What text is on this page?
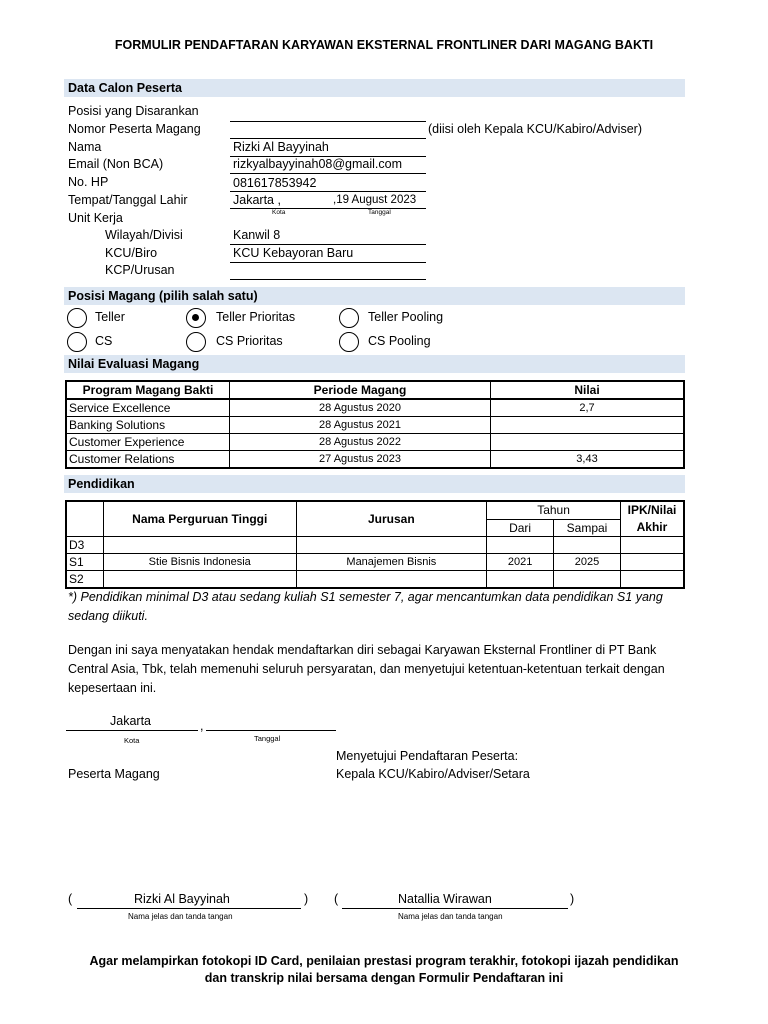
FORMULIR PENDAFTARAN KARYAWAN EKSTERNAL FRONTLINER DARI MAGANG BAKTI
Data Calon Peserta
Posisi yang Disarankan
Nomor Peserta Magang	(diisi oleh Kepala KCU/Kabiro/Adviser)
Nama	Rizki Al Bayyinah
Email (Non BCA)	rizkyalbayyinah08@gmail.com
No. HP	081617853942
Tempat/Tanggal Lahir	Jakarta ,	,19 August 2023
Kota	Tanggal
Unit Kerja
Wilayah/Divisi	Kanwil 8
KCU/Biro	KCU Kebayoran Baru
KCP/Urusan
Posisi Magang (pilih salah satu)
Teller	Teller Prioritas	Teller Pooling
CS	CS Prioritas	CS Pooling
Nilai Evaluasi Magang
Program Magang Bakti	Periode Magang	Nilai
Service Excellence	28 Agustus 2020	2,7
Banking Solutions	28 Agustus 2021	
Customer Experience	28 Agustus 2022	
Customer Relations	27 Agustus 2023	3,43
Pendidikan
	Nama Perguruan Tinggi	Jurusan	Tahun		IPK/Nilai Akhir
			Dari	Sampai	
D3					
S1	Stie Bisnis Indonesia	Manajemen Bisnis	2021	2025	
S2					
*) Pendidikan minimal D3 atau sedang kuliah S1 semester 7, agar mencantumkan data pendidikan S1 yang sedang diikuti.
Dengan ini saya menyatakan hendak mendaftarkan diri sebagai Karyawan Eksternal Frontliner di PT Bank Central Asia, Tbk, telah memenuhi seluruh persyaratan, dan menyetujui ketentuan-ketentuan terkait dengan kepesertaan ini.
Jakarta	,
Kota	Tanggal
Menyetujui Pendaftaran Peserta:
Kepala KCU/Kabiro/Adviser/Setara
Peserta Magang
(	Rizki Al Bayyinah	)
Nama jelas dan tanda tangan
(	Natallia Wirawan	)
Nama jelas dan tanda tangan
Agar melampirkan fotokopi ID Card, penilaian prestasi program terakhir, fotokopi ijazah pendidikan
dan transkrip nilai bersama dengan Formulir Pendaftaran ini
